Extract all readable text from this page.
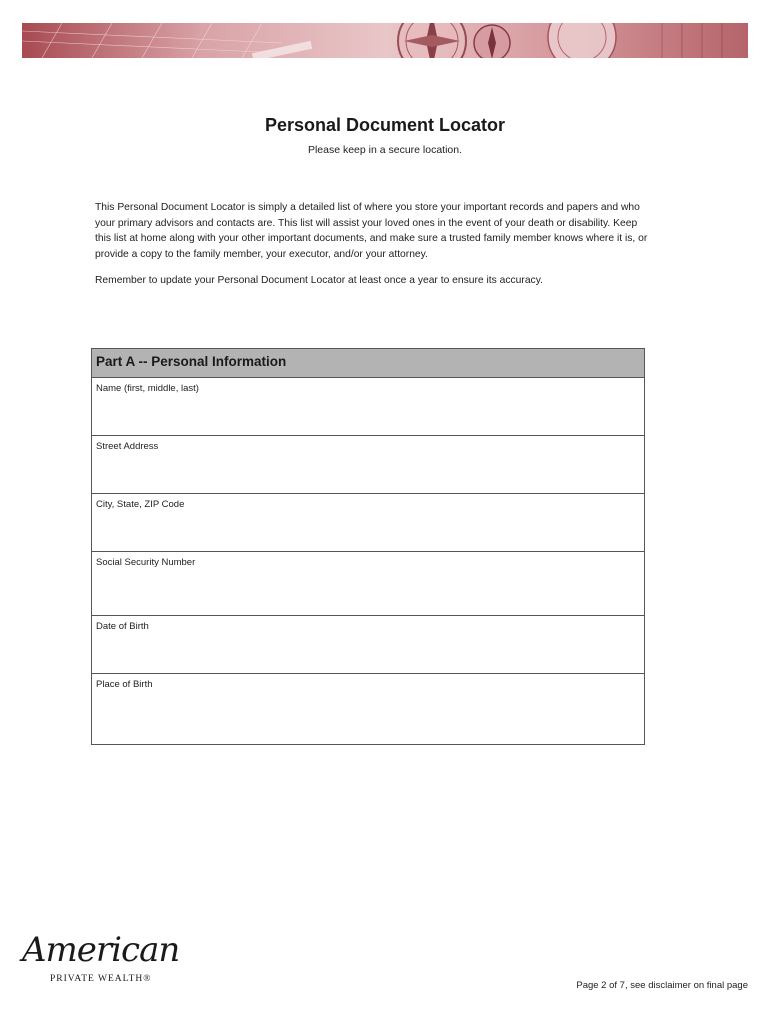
Personal Document Locator
Please keep in a secure location.

This Personal Document Locator is simply a detailed list of where you store your important records and papers and who your primary advisors and contacts are. This list will assist your loved ones in the event of your death or disability. Keep this list at home along with your other important documents, and make sure a trusted family member knows where it is, or provide a copy to the family member, your executor, and/or your attorney.

Remember to update your Personal Document Locator at least once a year to ensure its accuracy.

Part A -- Personal Information
Name (first, middle, last)
Street Address
City, State, ZIP Code
Social Security Number
Date of Birth
Place of Birth
American
PRIVATE WEALTH®
Page 2 of 7, see disclaimer on final page
